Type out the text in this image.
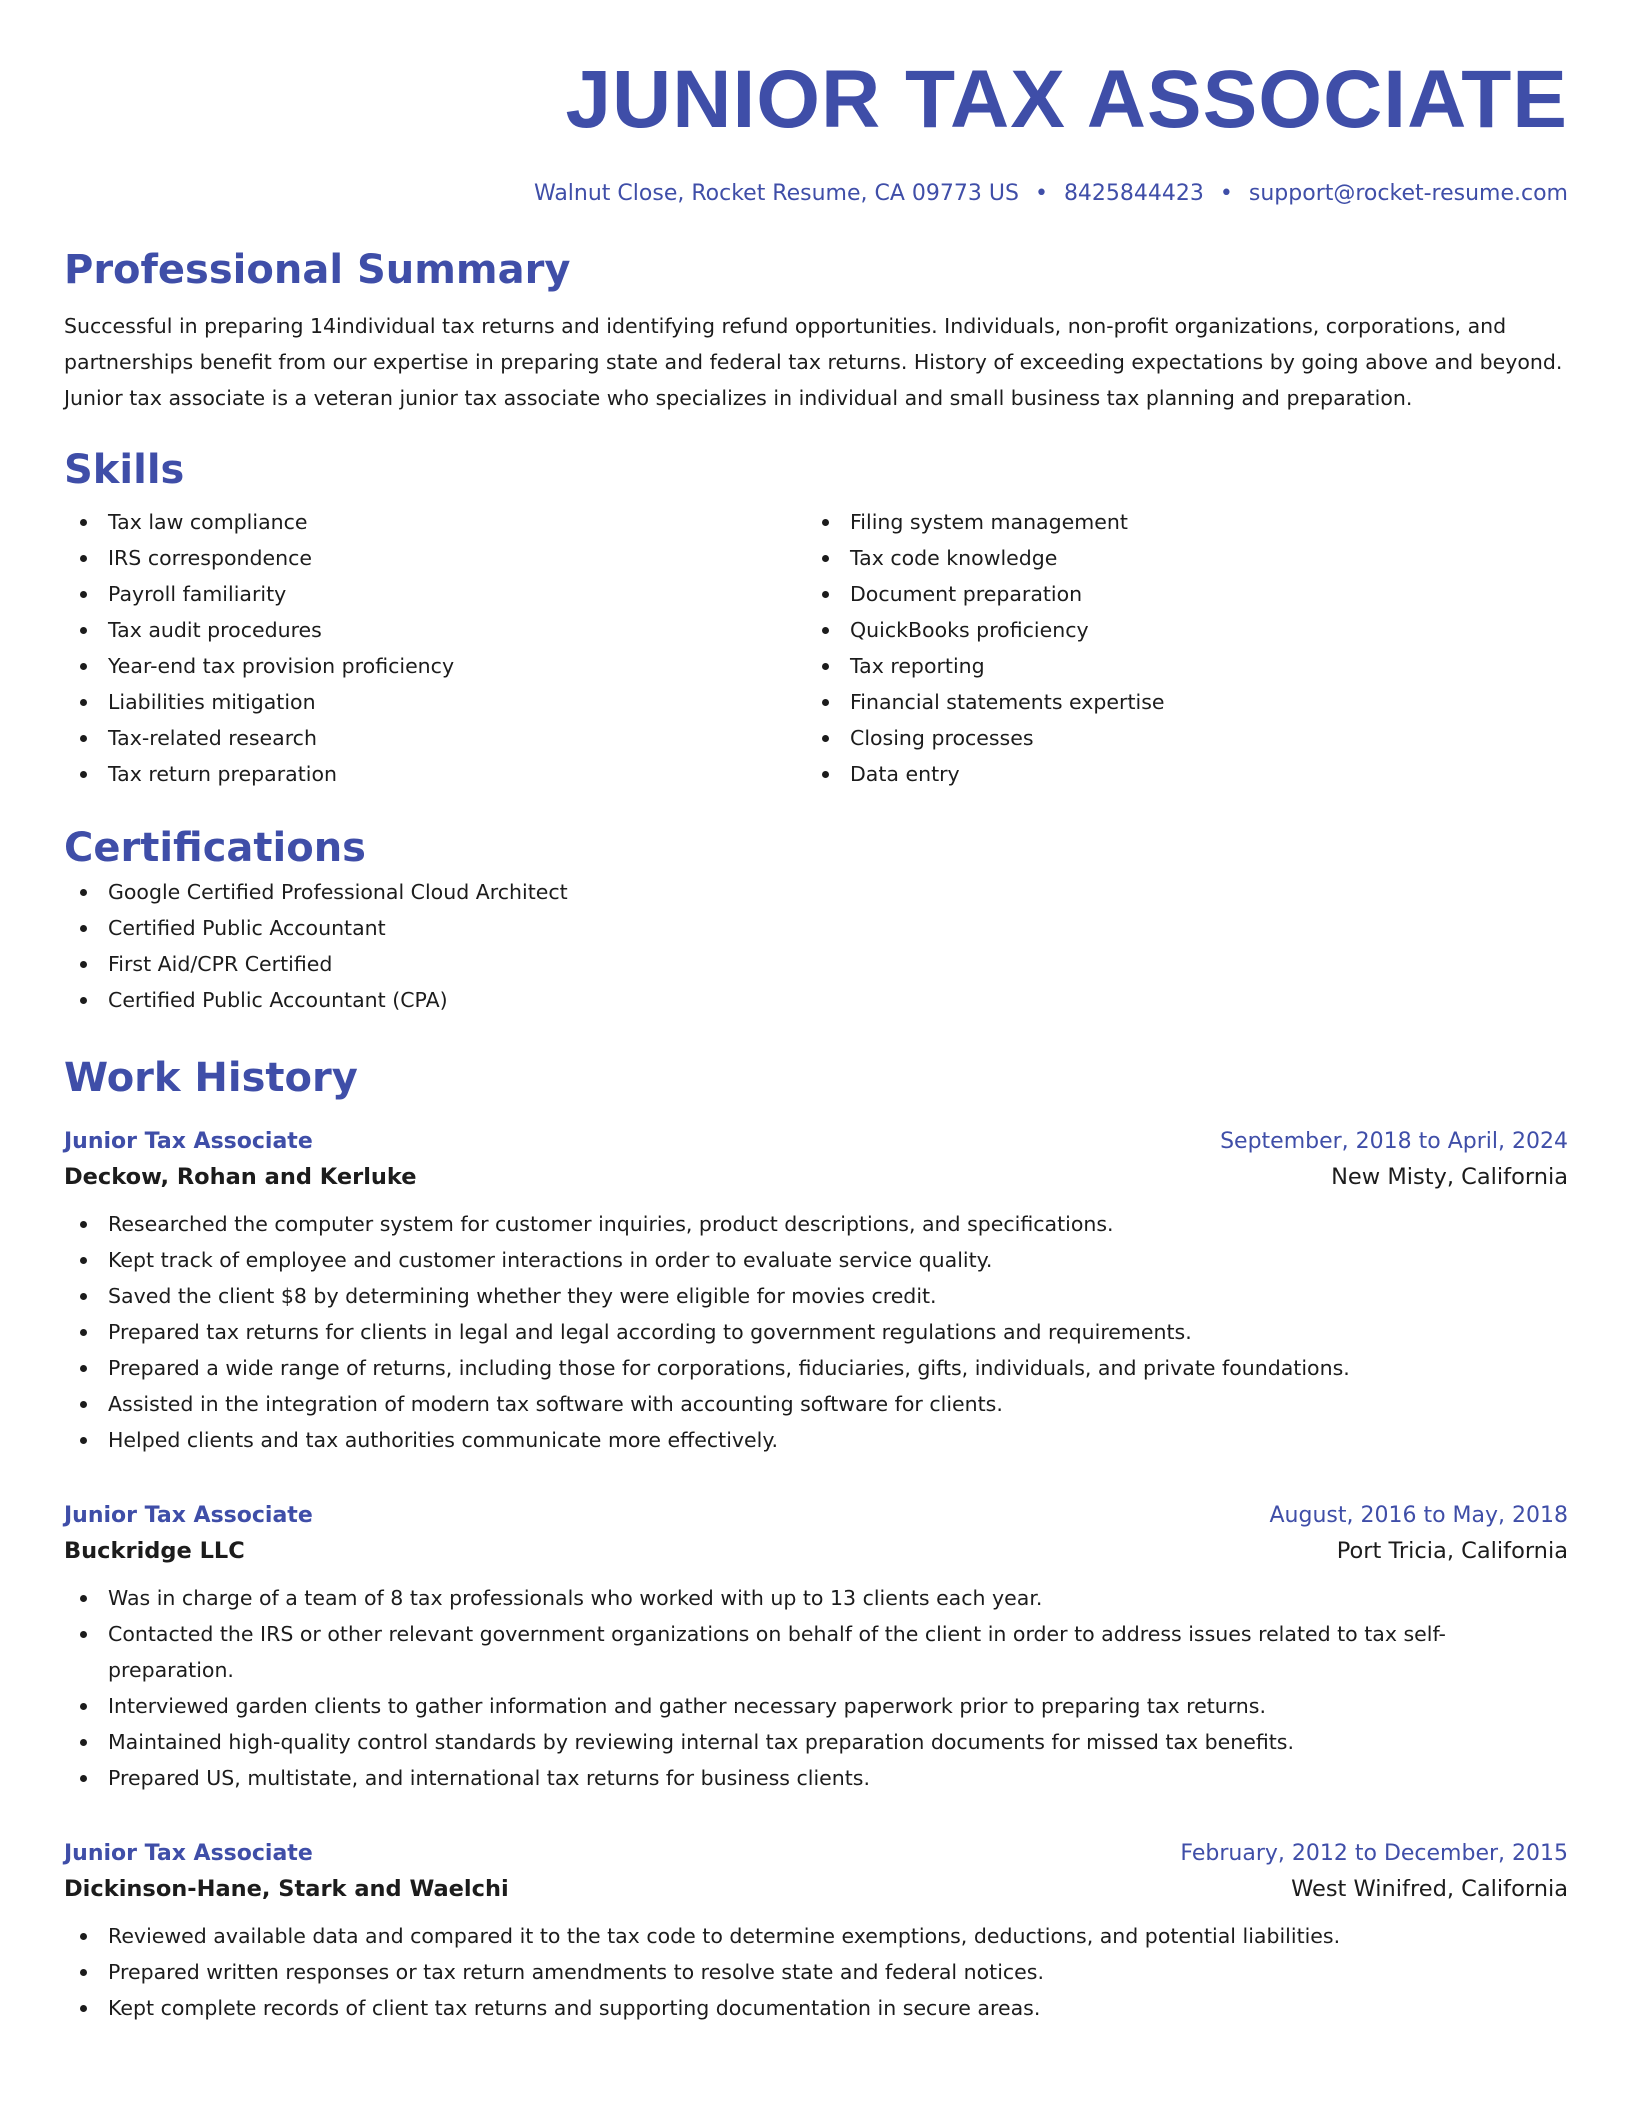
JUNIOR TAX ASSOCIATE
Walnut Close, Rocket Resume, CA 09773 US • 8425844423 • support@rocket-resume.com
Professional Summary

Successful in preparing 14individual tax returns and identifying refund opportunities. Individuals, non-profit organizations, corporations, and partnerships benefit from our expertise in preparing state and federal tax returns. History of exceeding expectations by going above and beyond. Junior tax associate is a veteran junior tax associate who specializes in individual and small business tax planning and preparation.

Skills
Tax law compliance
IRS correspondence
Payroll familiarity
Tax audit procedures
Year-end tax provision proficiency
Liabilities mitigation
Tax-related research
Tax return preparation
Filing system management
Tax code knowledge
Document preparation
QuickBooks proficiency
Tax reporting
Financial statements expertise
Closing processes
Data entry
Certifications
Google Certified Professional Cloud Architect
Certified Public Accountant
First Aid/CPR Certified
Certified Public Accountant (CPA)
Work History
Junior Tax Associate	September, 2018 to April, 2024
Deckow, Rohan and Kerluke	New Misty, California
Researched the computer system for customer inquiries, product descriptions, and specifications.
Kept track of employee and customer interactions in order to evaluate service quality.
Saved the client $8 by determining whether they were eligible for movies credit.
Prepared tax returns for clients in legal and legal according to government regulations and requirements.
Prepared a wide range of returns, including those for corporations, fiduciaries, gifts, individuals, and private foundations.
Assisted in the integration of modern tax software with accounting software for clients.
Helped clients and tax authorities communicate more effectively.
Junior Tax Associate	August, 2016 to May, 2018
Buckridge LLC	Port Tricia, California
Was in charge of a team of 8 tax professionals who worked with up to 13 clients each year.
Contacted the IRS or other relevant government organizations on behalf of the client in order to address issues related to tax self-preparation.
Interviewed garden clients to gather information and gather necessary paperwork prior to preparing tax returns.
Maintained high-quality control standards by reviewing internal tax preparation documents for missed tax benefits.
Prepared US, multistate, and international tax returns for business clients.
Junior Tax Associate	February, 2012 to December, 2015
Dickinson-Hane, Stark and Waelchi	West Winifred, California
Reviewed available data and compared it to the tax code to determine exemptions, deductions, and potential liabilities.
Prepared written responses or tax return amendments to resolve state and federal notices.
Kept complete records of client tax returns and supporting documentation in secure areas.
